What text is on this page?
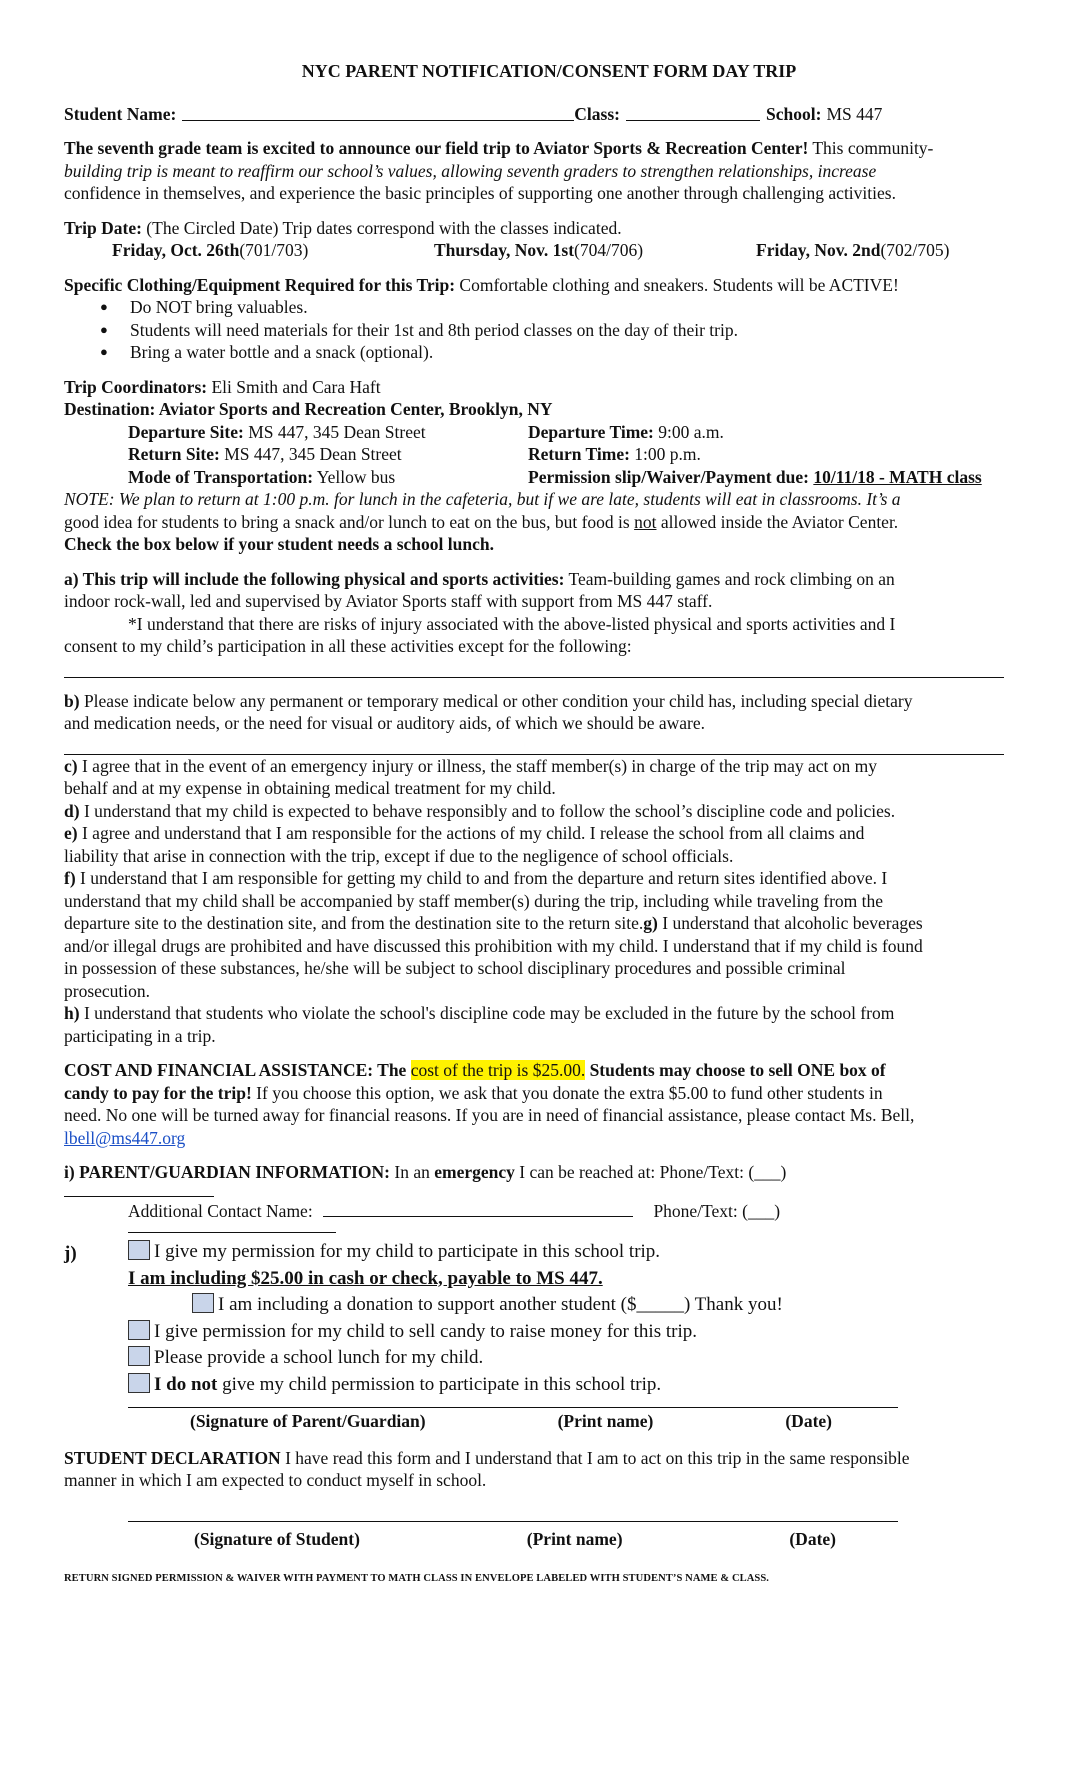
NYC PARENT NOTIFICATION/CONSENT FORM DAY TRIP
Student Name:	Class:	School: MS 447
The seventh grade team is excited to announce our field trip to Aviator Sports & Recreation Center! This community-
building trip is meant to reaffirm our school’s values, allowing seventh graders to strengthen relationships, increase
confidence in themselves, and experience the basic principles of supporting one another through challenging activities.
Trip Date: (The Circled Date) Trip dates correspond with the classes indicated.
Friday, Oct. 26th(701/703)	Thursday, Nov. 1st(704/706)	Friday, Nov. 2nd(702/705)
Specific Clothing/Equipment Required for this Trip: Comfortable clothing and sneakers. Students will be ACTIVE!
● Do NOT bring valuables.
● Students will need materials for their 1st and 8th period classes on the day of their trip.
● Bring a water bottle and a snack (optional).
Trip Coordinators: Eli Smith and Cara Haft
Destination: Aviator Sports and Recreation Center, Brooklyn, NY
Departure Site: MS 447, 345 Dean Street	Departure Time: 9:00 a.m.
Return Site: MS 447, 345 Dean Street	Return Time: 1:00 p.m.
Mode of Transportation: Yellow bus	Permission slip/Waiver/Payment due: 10/11/18 - MATH class
NOTE: We plan to return at 1:00 p.m. for lunch in the cafeteria, but if we are late, students will eat in classrooms. It’s a
good idea for students to bring a snack and/or lunch to eat on the bus, but food is not allowed inside the Aviator Center.
Check the box below if your student needs a school lunch.
a) This trip will include the following physical and sports activities: Team-building games and rock climbing on an
indoor rock-wall, led and supervised by Aviator Sports staff with support from MS 447 staff.
*I understand that there are risks of injury associated with the above-listed physical and sports activities and I
consent to my child’s participation in all these activities except for the following:
b) Please indicate below any permanent or temporary medical or other condition your child has, including special dietary
and medication needs, or the need for visual or auditory aids, of which we should be aware.
c) I agree that in the event of an emergency injury or illness, the staff member(s) in charge of the trip may act on my
behalf and at my expense in obtaining medical treatment for my child.
d) I understand that my child is expected to behave responsibly and to follow the school’s discipline code and policies.
e) I agree and understand that I am responsible for the actions of my child. I release the school from all claims and
liability that arise in connection with the trip, except if due to the negligence of school officials.
f) I understand that I am responsible for getting my child to and from the departure and return sites identified above. I
understand that my child shall be accompanied by staff member(s) during the trip, including while traveling from the
departure site to the destination site, and from the destination site to the return site.g) I understand that alcoholic beverages
and/or illegal drugs are prohibited and have discussed this prohibition with my child. I understand that if my child is found
in possession of these substances, he/she will be subject to school disciplinary procedures and possible criminal
prosecution.
h) I understand that students who violate the school's discipline code may be excluded in the future by the school from
participating in a trip.
COST AND FINANCIAL ASSISTANCE: The cost of the trip is $25.00. Students may choose to sell ONE box of
candy to pay for the trip! If you choose this option, we ask that you donate the extra $5.00 to fund other students in
need. No one will be turned away for financial reasons. If you are in need of financial assistance, please contact Ms. Bell,
lbell@ms447.org
i) PARENT/GUARDIAN INFORMATION: In an emergency I can be reached at: Phone/Text: (___)
Additional Contact Name:	Phone/Text: (___)
j)	I give my permission for my child to participate in this school trip.
I am including $25.00 in cash or check, payable to MS 447.
I am including a donation to support another student ($_____) Thank you!
I give permission for my child to sell candy to raise money for this trip.
Please provide a school lunch for my child.
I do not give my child permission to participate in this school trip.
(Signature of Parent/Guardian)	(Print name)	(Date)
STUDENT DECLARATION I have read this form and I understand that I am to act on this trip in the same responsible
manner in which I am expected to conduct myself in school.
(Signature of Student)	(Print name)	(Date)
RETURN SIGNED PERMISSION & WAIVER WITH PAYMENT TO MATH CLASS IN ENVELOPE LABELED WITH STUDENT’S NAME & CLASS.
